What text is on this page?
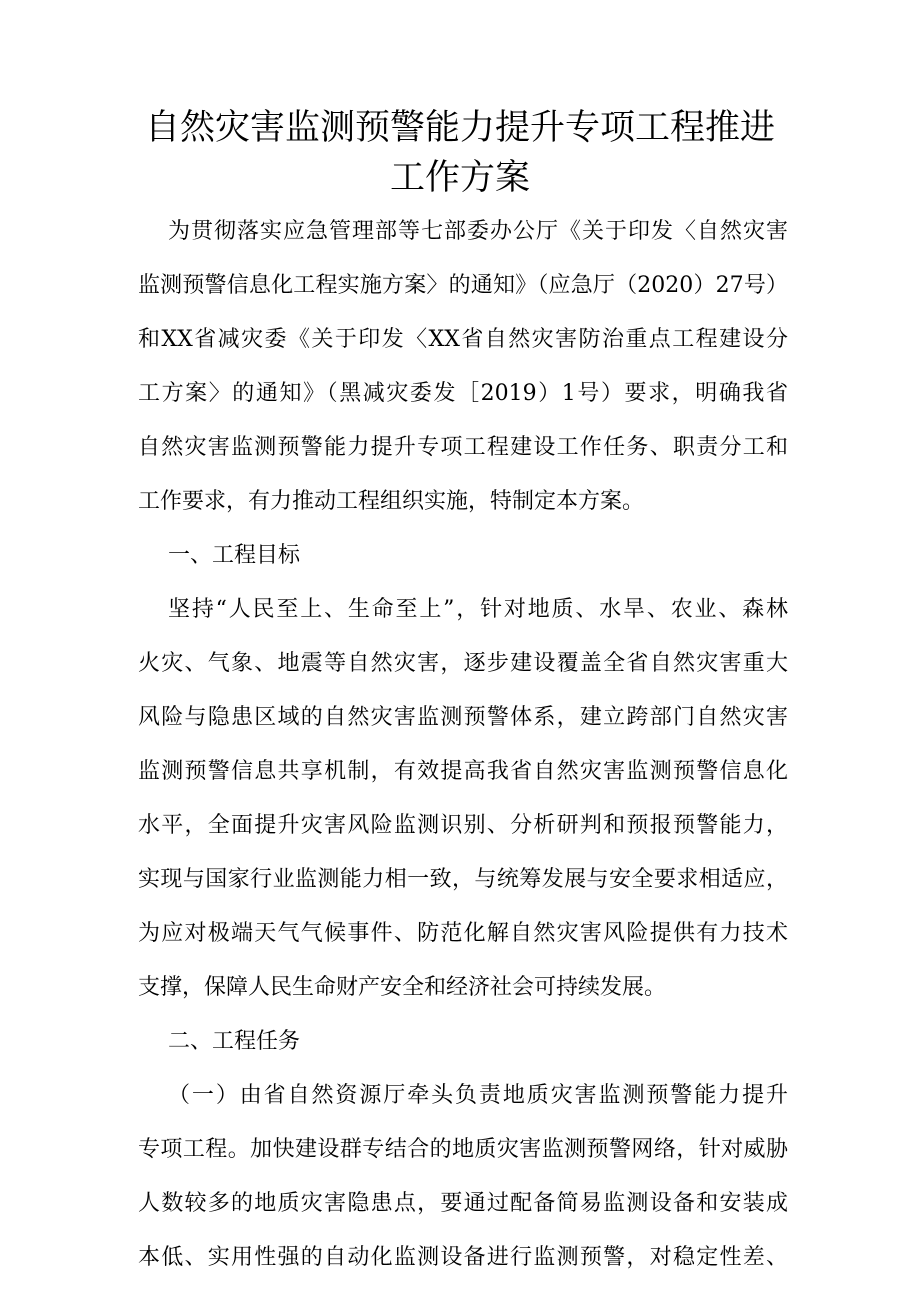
自然灾害监测预警能力提升专项工程推进
工作方案
为贯彻落实应急管理部等七部委办公厅《关于印发〈自然灾害
监测预警信息化工程实施方案〉的通知》（应急厅（2020）27号）
和XX省减灾委《关于印发〈XX省自然灾害防治重点工程建设分
工方案〉的通知》（黑减灾委发［2019）1号）要求，明确我省
自然灾害监测预警能力提升专项工程建设工作任务、职责分工和
工作要求，有力推动工程组织实施，特制定本方案。
一、工程目标
坚持“人民至上、生命至上”，针对地质、水旱、农业、森林
火灾、气象、地震等自然灾害，逐步建设覆盖全省自然灾害重大
风险与隐患区域的自然灾害监测预警体系，建立跨部门自然灾害
监测预警信息共享机制，有效提高我省自然灾害监测预警信息化
水平，全面提升灾害风险监测识别、分析研判和预报预警能力，
实现与国家行业监测能力相一致，与统筹发展与安全要求相适应，
为应对极端天气气候事件、防范化解自然灾害风险提供有力技术
支撑，保障人民生命财产安全和经济社会可持续发展。
二、工程任务
（一）由省自然资源厅牵头负责地质灾害监测预警能力提升
专项工程。加快建设群专结合的地质灾害监测预警网络，针对威胁
人数较多的地质灾害隐患点，要通过配备简易监测设备和安装成
本低、实用性强的自动化监测设备进行监测预警，对稳定性差、
